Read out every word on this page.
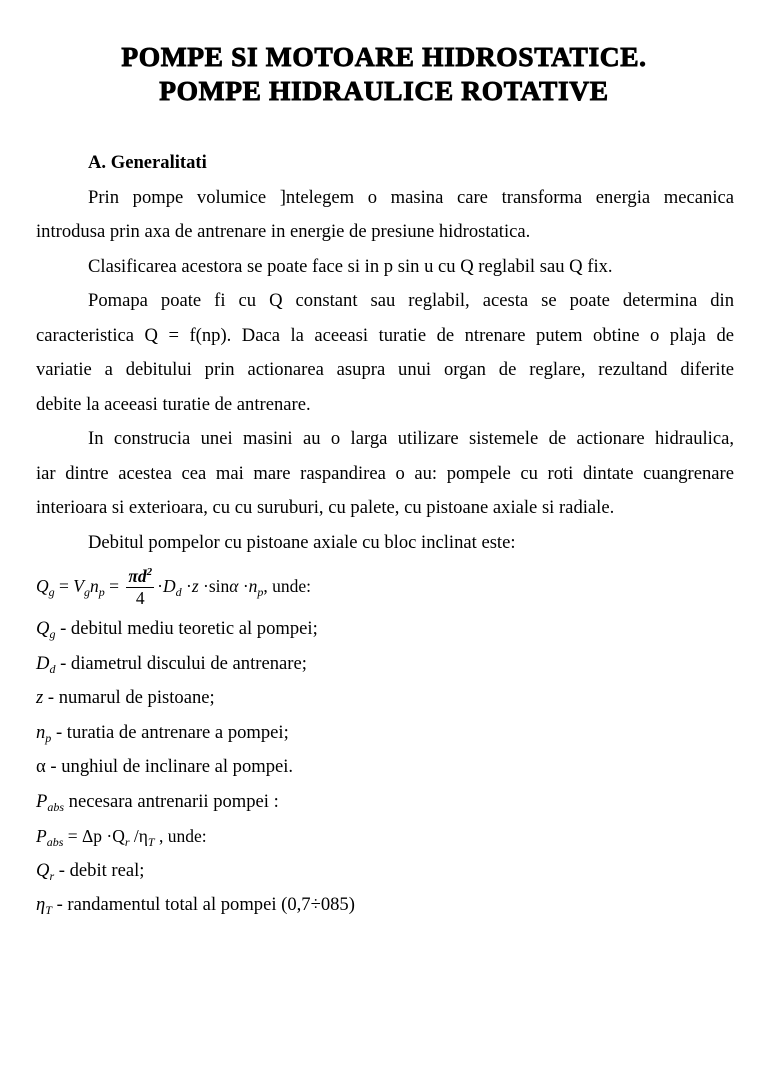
POMPE SI MOTOARE HIDROSTATICE.
POMPE HIDRAULICE ROTATIVE
A. Generalitati
Prin pompe volumice ]ntelegem o masina care transforma energia mecanica
introdusa prin axa de antrenare in energie de presiune hidrostatica.
Clasificarea acestora se poate face si in p sin u cu Q reglabil sau Q fix.
Pomapa poate fi cu Q constant sau reglabil, acesta se poate determina din
caracteristica Q = f(np). Daca la aceeasi turatie de ntrenare putem obtine o plaja de
variatie a debitului prin actionarea asupra unui organ de reglare, rezultand diferite
debite la aceeasi turatie de antrenare.
In construcia unei masini au o larga utilizare sistemele de actionare hidraulica,
iar dintre acestea cea mai mare raspandirea o au: pompele cu roti dintate cuangrenare
interioara si exterioara, cu cu suruburi, cu palete, cu pistoane axiale si radiale.
Debitul pompelor cu pistoane axiale cu bloc inclinat este:
$Q_g = V_gn_p = \frac{\pi d^2}{4} \cdot D_d \cdot z \cdot\sin\alpha \cdot n_p$, unde:
$Q_g$ - debitul mediu teoretic al pompei;
$D_d$ - diametrul discului de antrenare;
z - numarul de pistoane;
$n_p$ - turatia de antrenare a pompei;
α - unghiul de inclinare al pompei.
$P_{abs}$ necesara antrenarii pompei :
$P_{abs} = \Delta p \cdot Q_r$ $/\eta_T$ , unde:
$Q_r$ - debit real;
$\eta_T$ - randamentul total al pompei (0,7÷085)
